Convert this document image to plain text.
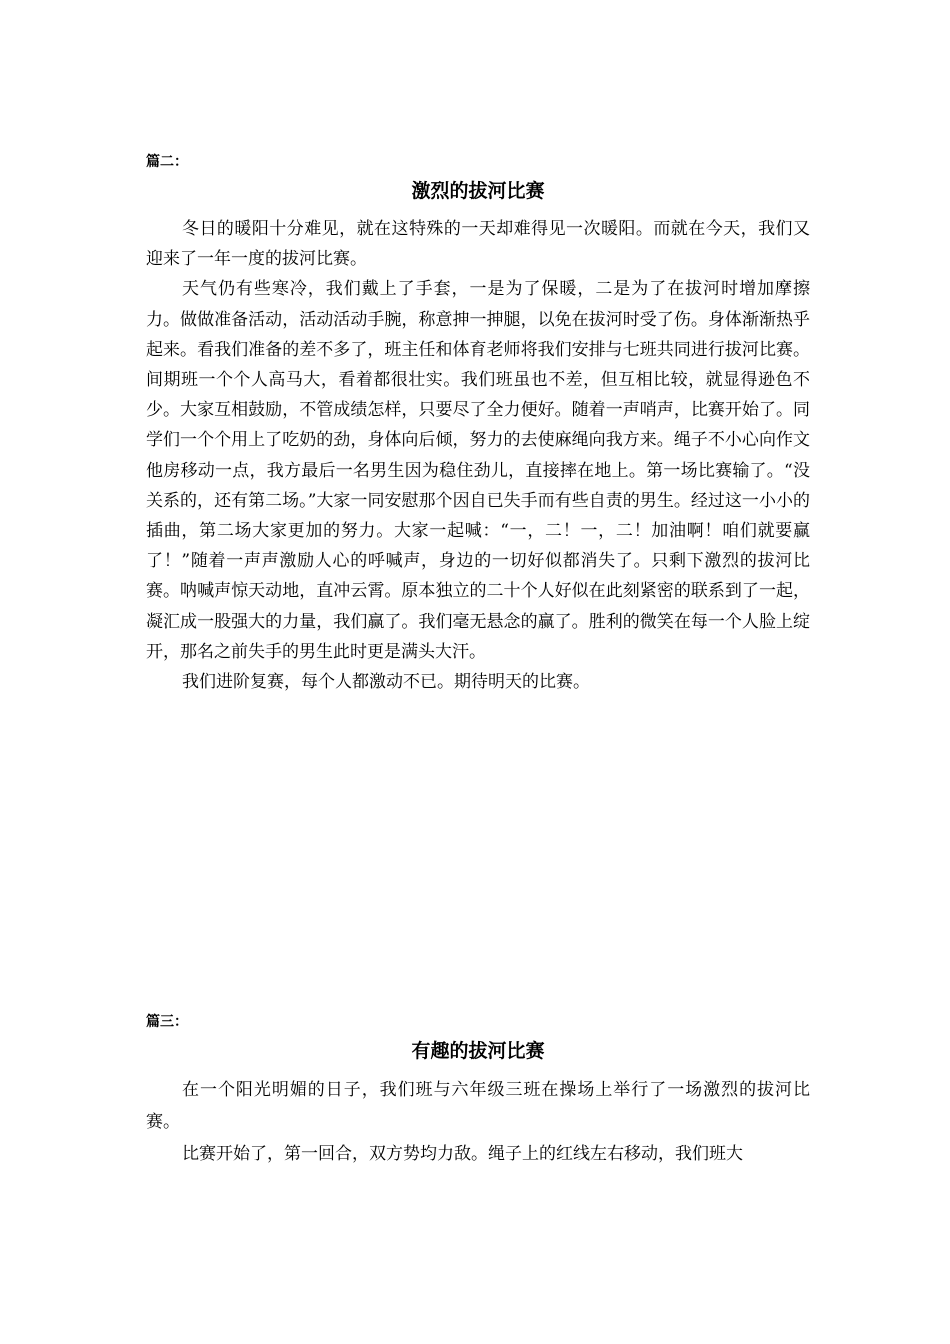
篇二：
激烈的拔河比赛

冬日的暖阳十分难见，就在这特殊的一天却难得见一次暖阳。而就在今天，我们又迎来了一年一度的拔河比赛。

天气仍有些寒冷，我们戴上了手套，一是为了保暖，二是为了在拔河时增加摩擦力。做做准备活动，活动活动手腕，称意抻一抻腿，以免在拔河时受了伤。身体渐渐热乎起来。看我们准备的差不多了，班主任和体育老师将我们安排与七班共同进行拔河比赛。间期班一个个人高马大，看着都很壮实。我们班虽也不差，但互相比较，就显得逊色不少。大家互相鼓励，不管成绩怎样，只要尽了全力便好。随着一声哨声，比赛开始了。同学们一个个用上了吃奶的劲，身体向后倾，努力的去使麻绳向我方来。绳子不小心向作文他房移动一点，我方最后一名男生因为稳住劲儿，直接摔在地上。第一场比赛输了。“没关系的，还有第二场。”大家一同安慰那个因自已失手而有些自责的男生。经过这一小小的插曲，第二场大家更加的努力。大家一起喊：“一，二！一，二！加油啊！咱们就要赢了！”随着一声声激励人心的呼喊声，身边的一切好似都消失了。只剩下激烈的拔河比赛。呐喊声惊天动地，直冲云霄。原本独立的二十个人好似在此刻紧密的联系到了一起，凝汇成一股强大的力量，我们赢了。我们毫无悬念的赢了。胜利的微笑在每一个人脸上绽开，那名之前失手的男生此时更是满头大汗。

我们进阶复赛，每个人都激动不已。期待明天的比赛。

篇三：
有趣的拔河比赛

在一个阳光明媚的日子，我们班与六年级三班在操场上举行了一场激烈的拔河比赛。

比赛开始了，第一回合，双方势均力敌。绳子上的红线左右移动，我们班大
